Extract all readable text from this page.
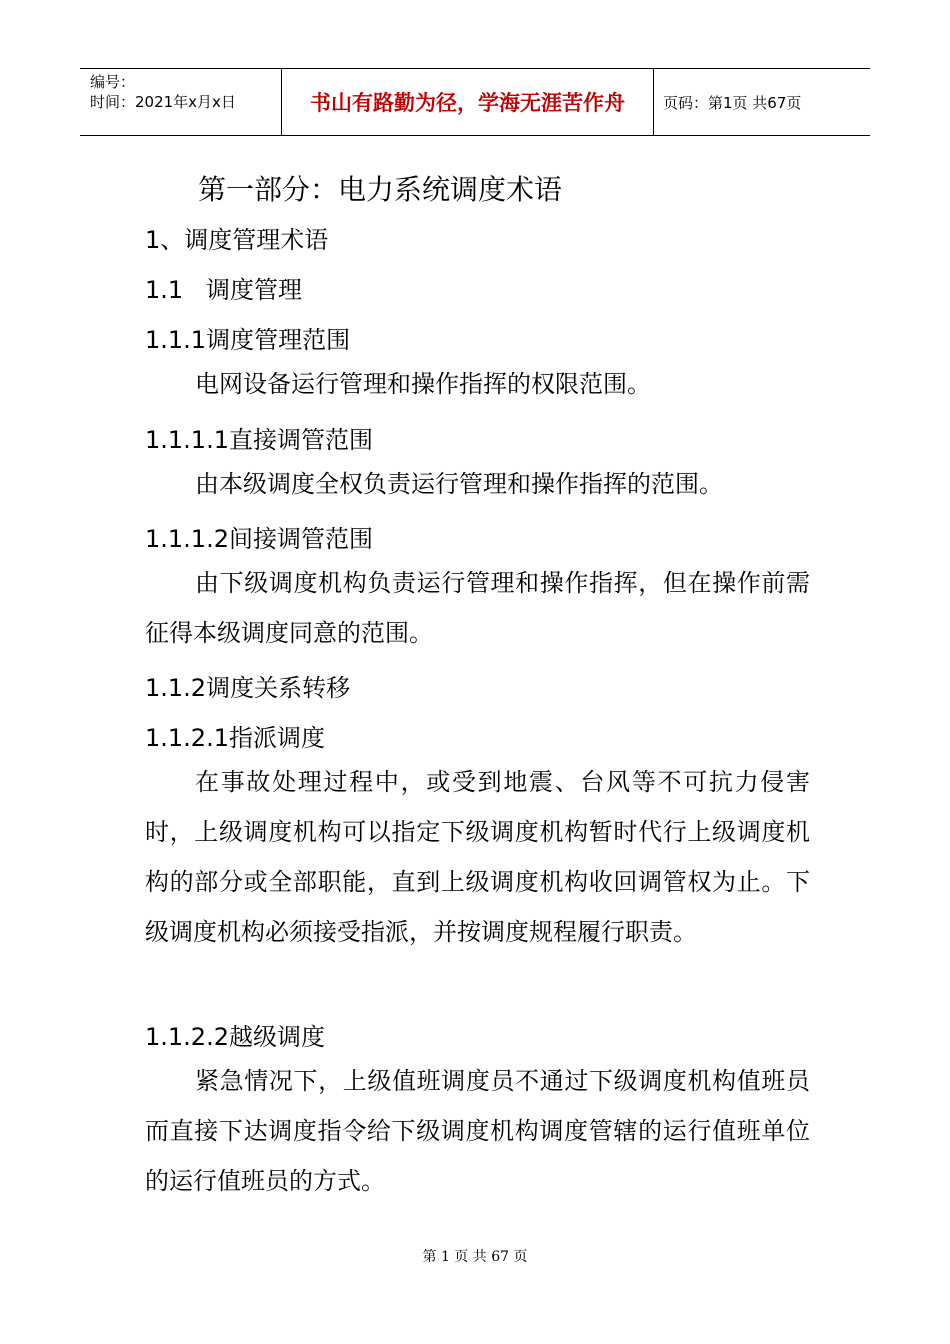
编号：
时间：2021年x月x日	书山有路勤为径，学海无涯苦作舟	页码：第1页 共67页
第一部分：电力系统调度术语
1、调度管理术语
1.1   调度管理
1.1.1调度管理范围
电网设备运行管理和操作指挥的权限范围。
1.1.1.1直接调管范围
由本级调度全权负责运行管理和操作指挥的范围。
1.1.1.2间接调管范围
由下级调度机构负责运行管理和操作指挥，但在操作前需征得本级调度同意的范围。
1.1.2调度关系转移
1.1.2.1指派调度
在事故处理过程中，或受到地震、台风等不可抗力侵害时，上级调度机构可以指定下级调度机构暂时代行上级调度机构的部分或全部职能，直到上级调度机构收回调管权为止。下级调度机构必须接受指派，并按调度规程履行职责。
1.1.2.2越级调度
紧急情况下，上级值班调度员不通过下级调度机构值班员而直接下达调度指令给下级调度机构调度管辖的运行值班单位的运行值班员的方式。
第 1 页 共 67 页
